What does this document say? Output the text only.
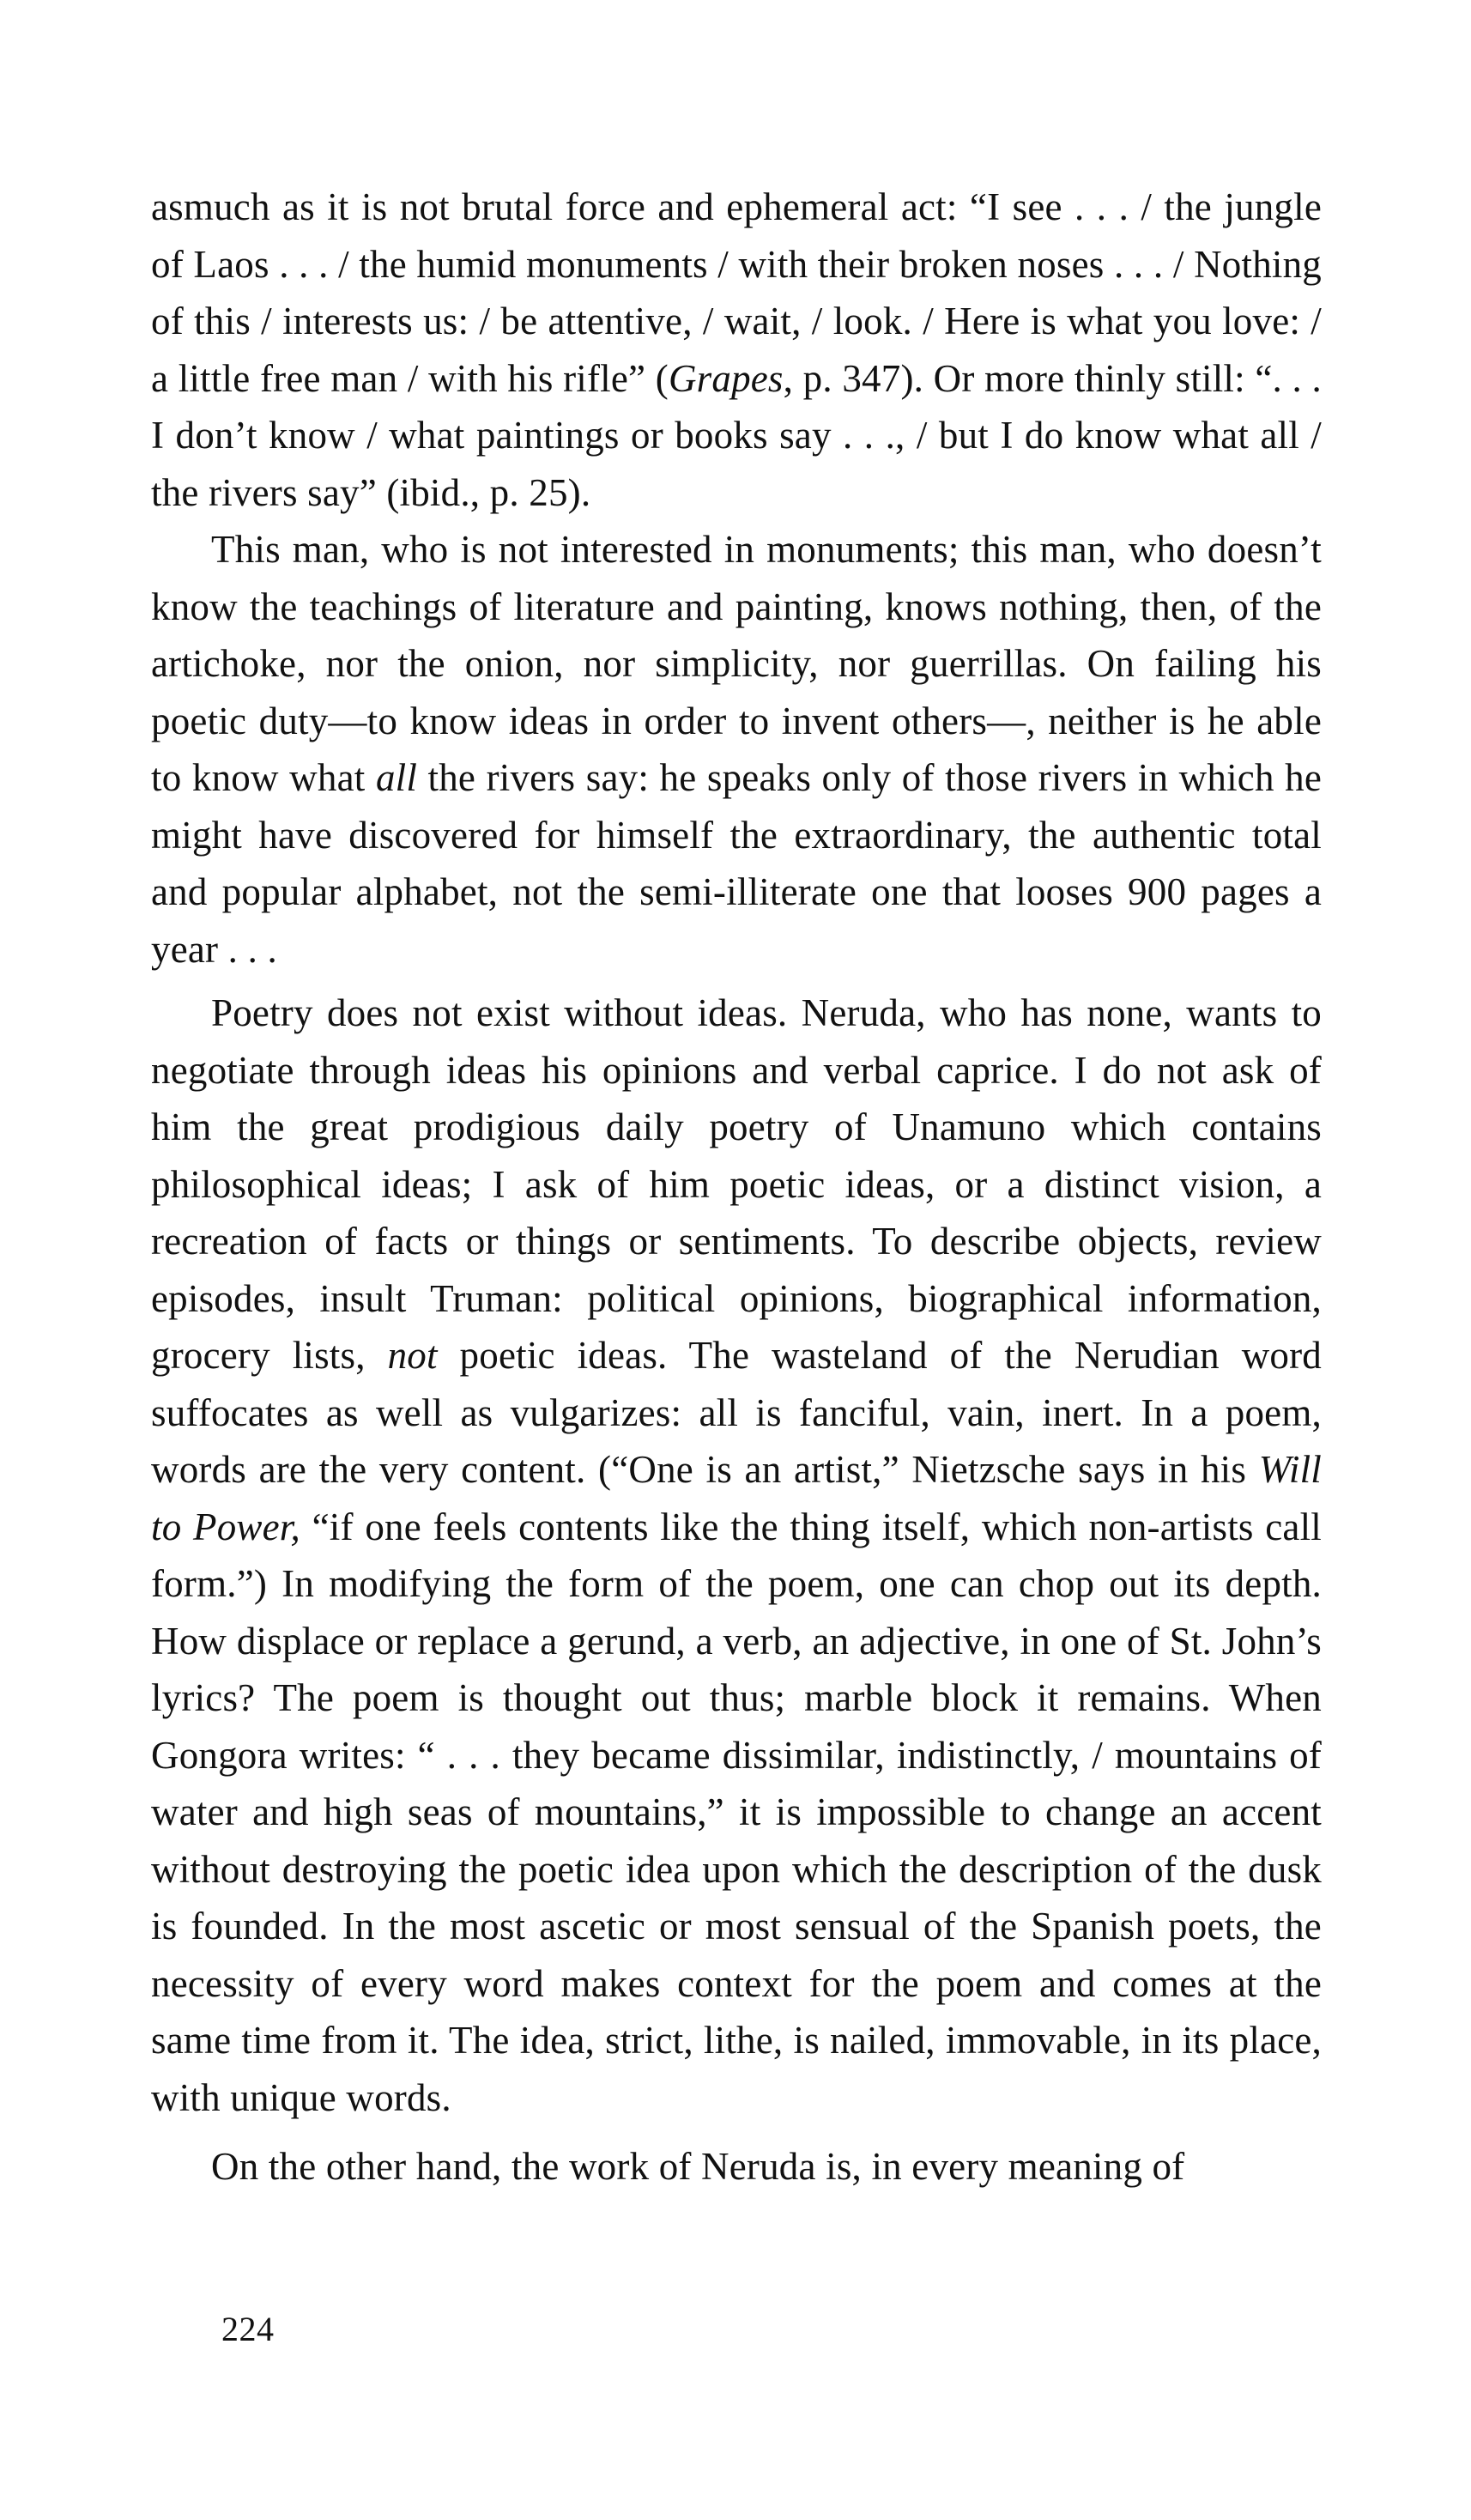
asmuch as it is not brutal force and ephemeral act: “I see . . . / the jungle of Laos . . . / the humid monuments / with their broken noses . . . / Nothing of this / interests us: / be attentive, / wait, / look. / Here is what you love: / a little free man / with his rifle” (Grapes, p. 347). Or more thinly still: “. . . I don’t know / what paintings or books say . . ., / but I do know what all / the rivers say” (ibid., p. 25).

This man, who is not interested in monuments; this man, who doesn’t know the teachings of literature and painting, knows nothing, then, of the artichoke, nor the onion, nor simplicity, nor guerrillas. On failing his poetic duty—to know ideas in order to invent others—, neither is he able to know what all the rivers say: he speaks only of those rivers in which he might have discovered for himself the extraordinary, the authentic total and popular alphabet, not the semi-illiterate one that looses 900 pages a year . . .

Poetry does not exist without ideas. Neruda, who has none, wants to negotiate through ideas his opinions and verbal caprice. I do not ask of him the great prodigious daily poetry of Unamuno which contains philosophical ideas; I ask of him poetic ideas, or a distinct vision, a recreation of facts or things or sentiments. To describe objects, review episodes, insult Truman: political opinions, biographical information, grocery lists, not poetic ideas. The wasteland of the Nerudian word suffocates as well as vulgarizes: all is fanciful, vain, inert. In a poem, words are the very content. (“One is an artist,” Nietzsche says in his Will to Power, “if one feels contents like the thing itself, which non-artists call form.”) In modifying the form of the poem, one can chop out its depth. How displace or replace a gerund, a verb, an adjective, in one of St. John’s lyrics? The poem is thought out thus; marble block it remains. When Gongora writes: “ . . . they became dissimilar, indistinctly, / mountains of water and high seas of mountains,” it is impossible to change an accent without destroying the poetic idea upon which the description of the dusk is founded. In the most ascetic or most sensual of the Spanish poets, the necessity of every word makes context for the poem and comes at the same time from it. The idea, strict, lithe, is nailed, immovable, in its place, with unique words.

On the other hand, the work of Neruda is, in every meaning of

224
